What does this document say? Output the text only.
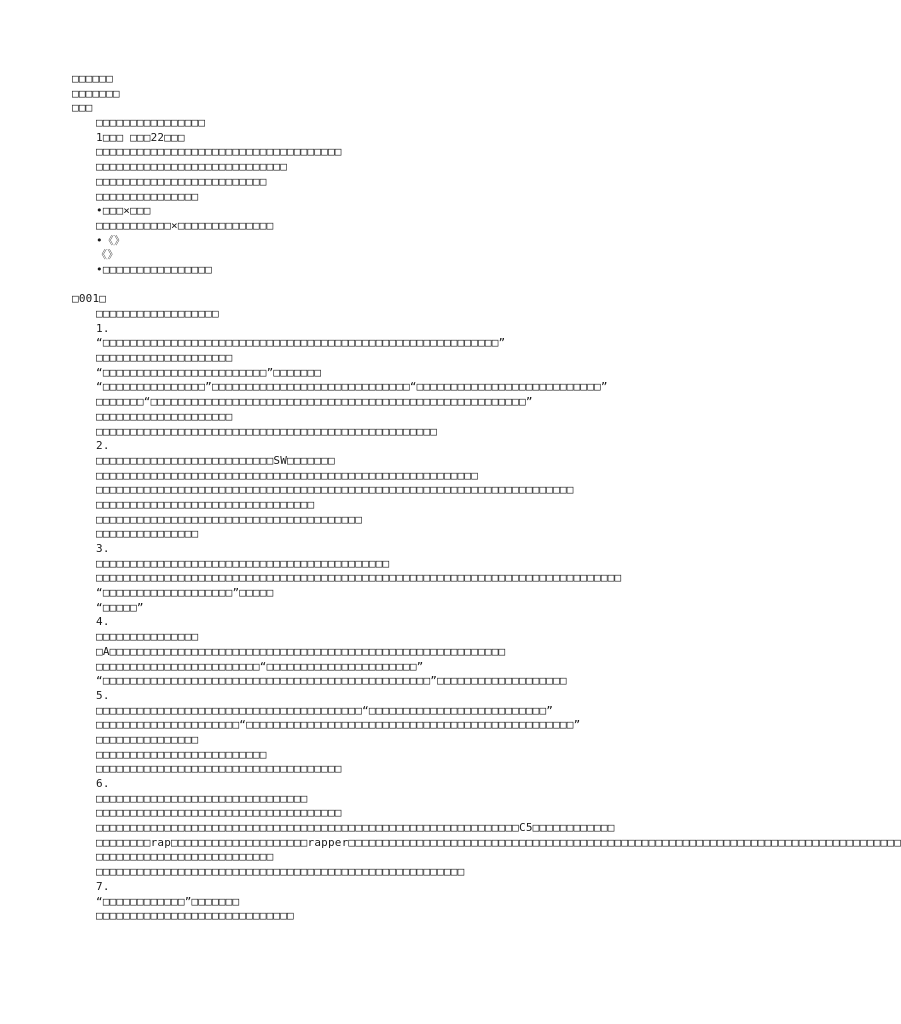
□□□□□□
□□□□□□□
□□□
□□□□□□□□□□□□□□□□
1□□□ □□□22□□□
□□□□□□□□□□□□□□□□□□□□□□□□□□□□□□□□□□□□
□□□□□□□□□□□□□□□□□□□□□□□□□□□□
□□□□□□□□□□□□□□□□□□□□□□□□□
□□□□□□□□□□□□□□□
•□□□×□□□
□□□□□□□□□□□×□□□□□□□□□□□□□□
•《》
《》
•□□□□□□□□□□□□□□□□
□001□
□□□□□□□□□□□□□□□□□□
1.
“□□□□□□□□□□□□□□□□□□□□□□□□□□□□□□□□□□□□□□□□□□□□□□□□□□□□□□□□□□”
□□□□□□□□□□□□□□□□□□□□
“□□□□□□□□□□□□□□□□□□□□□□□□”□□□□□□□
“□□□□□□□□□□□□□□□”□□□□□□□□□□□□□□□□□□□□□□□□□□□□□“□□□□□□□□□□□□□□□□□□□□□□□□□□□”
□□□□□□□“□□□□□□□□□□□□□□□□□□□□□□□□□□□□□□□□□□□□□□□□□□□□□□□□□□□□□□□”
□□□□□□□□□□□□□□□□□□□□
□□□□□□□□□□□□□□□□□□□□□□□□□□□□□□□□□□□□□□□□□□□□□□□□□□
2.
□□□□□□□□□□□□□□□□□□□□□□□□□□SW□□□□□□□
□□□□□□□□□□□□□□□□□□□□□□□□□□□□□□□□□□□□□□□□□□□□□□□□□□□□□□□□
□□□□□□□□□□□□□□□□□□□□□□□□□□□□□□□□□□□□□□□□□□□□□□□□□□□□□□□□□□□□□□□□□□□□□□
□□□□□□□□□□□□□□□□□□□□□□□□□□□□□□□□
□□□□□□□□□□□□□□□□□□□□□□□□□□□□□□□□□□□□□□□
□□□□□□□□□□□□□□□
3.
□□□□□□□□□□□□□□□□□□□□□□□□□□□□□□□□□□□□□□□□□□□
□□□□□□□□□□□□□□□□□□□□□□□□□□□□□□□□□□□□□□□□□□□□□□□□□□□□□□□□□□□□□□□□□□□□□□□□□□□□□
“□□□□□□□□□□□□□□□□□□□”□□□□□
“□□□□□”
4.
□□□□□□□□□□□□□□□
□A□□□□□□□□□□□□□□□□□□□□□□□□□□□□□□□□□□□□□□□□□□□□□□□□□□□□□□□□□□
□□□□□□□□□□□□□□□□□□□□□□□□“□□□□□□□□□□□□□□□□□□□□□□”
“□□□□□□□□□□□□□□□□□□□□□□□□□□□□□□□□□□□□□□□□□□□□□□□□”□□□□□□□□□□□□□□□□□□□
5.
□□□□□□□□□□□□□□□□□□□□□□□□□□□□□□□□□□□□□□□“□□□□□□□□□□□□□□□□□□□□□□□□□□”
□□□□□□□□□□□□□□□□□□□□□“□□□□□□□□□□□□□□□□□□□□□□□□□□□□□□□□□□□□□□□□□□□□□□□□”
□□□□□□□□□□□□□□□
□□□□□□□□□□□□□□□□□□□□□□□□□
□□□□□□□□□□□□□□□□□□□□□□□□□□□□□□□□□□□□
6.
□□□□□□□□□□□□□□□□□□□□□□□□□□□□□□□
□□□□□□□□□□□□□□□□□□□□□□□□□□□□□□□□□□□□
□□□□□□□□□□□□□□□□□□□□□□□□□□□□□□□□□□□□□□□□□□□□□□□□□□□□□□□□□□□□□□C5□□□□□□□□□□□□
□□□□□□□□rap□□□□□□□□□□□□□□□□□□□□rapper□□□□□□□□□□□□□□□□□□□□□□□□□□□□□□□□□□□□□□□□□□□□□□□□□□□□□□□□□□□□□□□□□□□□□□□□□□□□□□□□□
□□□□□□□□□□□□□□□□□□□□□□□□□□
□□□□□□□□□□□□□□□□□□□□□□□□□□□□□□□□□□□□□□□□□□□□□□□□□□□□□□
7.
“□□□□□□□□□□□□”□□□□□□□
□□□□□□□□□□□□□□□□□□□□□□□□□□□□□
